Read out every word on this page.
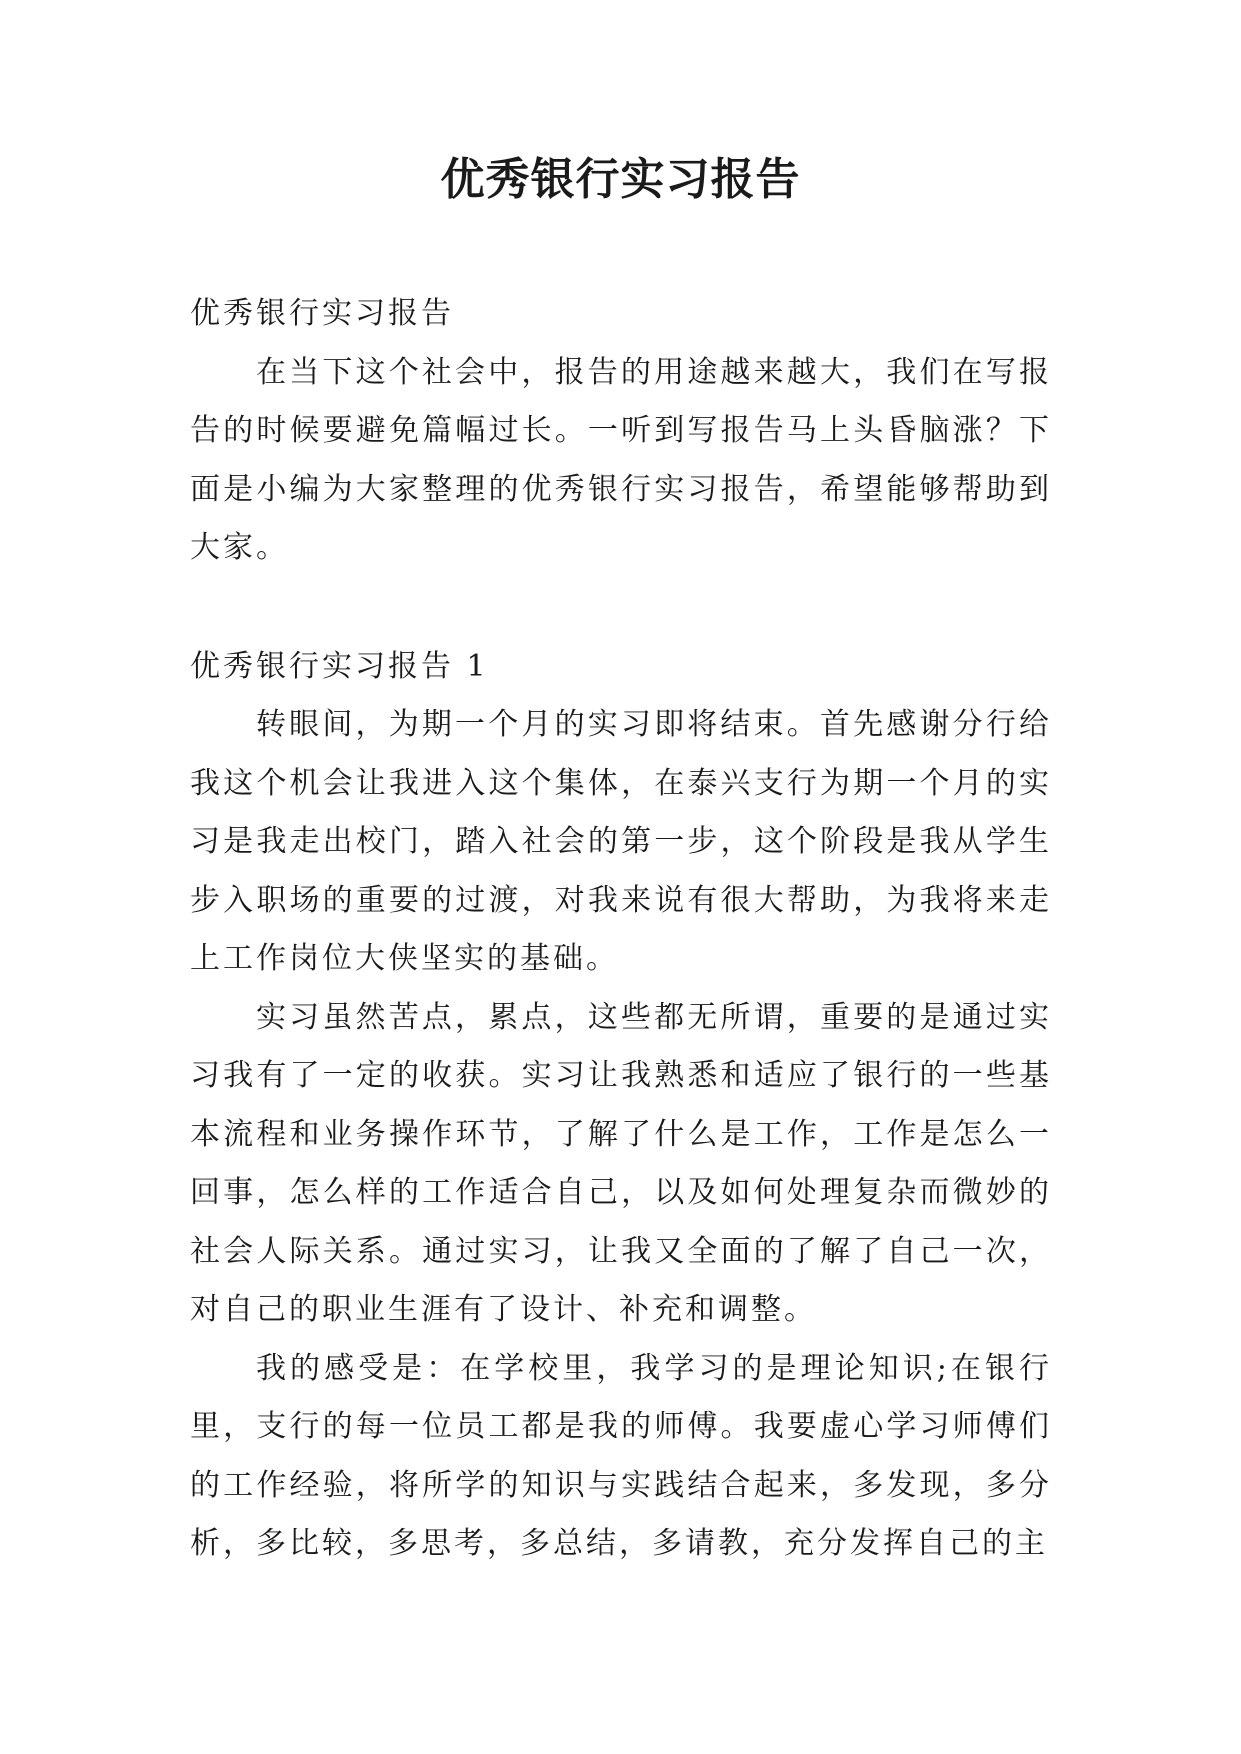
优秀银行实习报告

优秀银行实习报告

在当下这个社会中，报告的用途越来越大，我们在写报告的时候要避免篇幅过长。一听到写报告马上头昏脑涨？下面是小编为大家整理的优秀银行实习报告，希望能够帮助到大家。

优秀银行实习报告 1

转眼间，为期一个月的实习即将结束。首先感谢分行给我这个机会让我进入这个集体，在泰兴支行为期一个月的实习是我走出校门，踏入社会的第一步，这个阶段是我从学生步入职场的重要的过渡，对我来说有很大帮助，为我将来走上工作岗位大侠坚实的基础。

实习虽然苦点，累点，这些都无所谓，重要的是通过实习我有了一定的收获。实习让我熟悉和适应了银行的一些基本流程和业务操作环节，了解了什么是工作，工作是怎么一回事，怎么样的工作适合自己，以及如何处理复杂而微妙的社会人际关系。通过实习，让我又全面的了解了自己一次，对自己的职业生涯有了设计、补充和调整。

我的感受是：在学校里，我学习的是理论知识;在银行里，支行的每一位员工都是我的师傅。我要虚心学习师傅们的工作经验，将所学的知识与实践结合起来，多发现，多分析，多比较，多思考，多总结，多请教，充分发挥自己的主
